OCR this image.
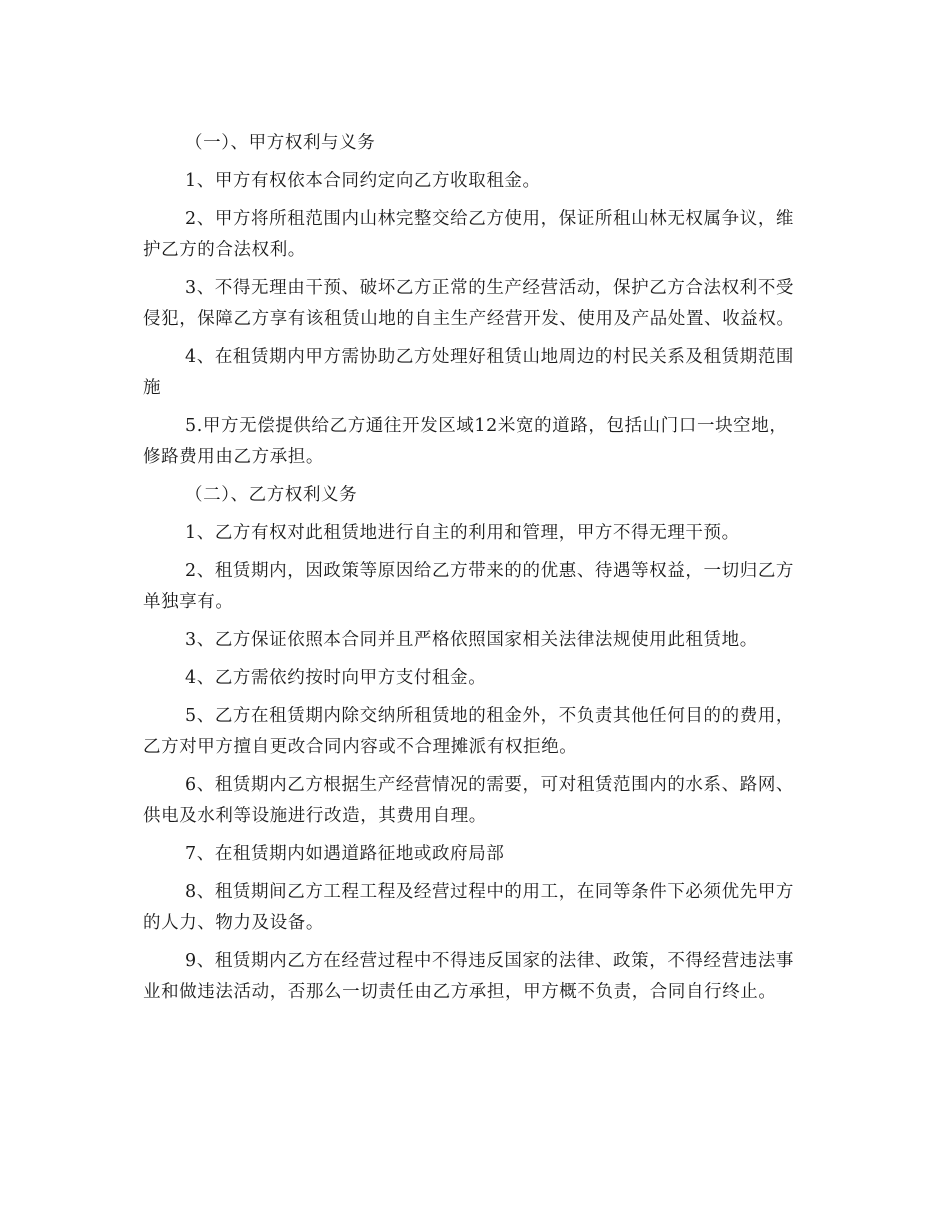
（一）、甲方权利与义务

1、甲方有权依本合同约定向乙方收取租金。

2、甲方将所租范围内山林完整交给乙方使用，保证所租山林无权属争议，维护乙方的合法权利。

3、不得无理由干预、破坏乙方正常的生产经营活动，保护乙方合法权利不受侵犯，保障乙方享有该租赁山地的自主生产经营开发、使用及产品处置、收益权。

4、在租赁期内甲方需协助乙方处理好租赁山地周边的村民关系及租赁期范围施

5.甲方无偿提供给乙方通往开发区域12米宽的道路，包括山门口一块空地，修路费用由乙方承担。

（二）、乙方权利义务

1、乙方有权对此租赁地进行自主的利用和管理，甲方不得无理干预。

2、租赁期内，因政策等原因给乙方带来的的优惠、待遇等权益，一切归乙方单独享有。

3、乙方保证依照本合同并且严格依照国家相关法律法规使用此租赁地。

4、乙方需依约按时向甲方支付租金。

5、乙方在租赁期内除交纳所租赁地的租金外，不负责其他任何目的的费用，乙方对甲方擅自更改合同内容或不合理摊派有权拒绝。

6、租赁期内乙方根据生产经营情况的需要，可对租赁范围内的水系、路网、供电及水利等设施进行改造，其费用自理。

7、在租赁期内如遇道路征地或政府局部

8、租赁期间乙方工程工程及经营过程中的用工，在同等条件下必须优先甲方的人力、物力及设备。

9、租赁期内乙方在经营过程中不得违反国家的法律、政策，不得经营违法事业和做违法活动，否那么一切责任由乙方承担，甲方概不负责，合同自行终止。
